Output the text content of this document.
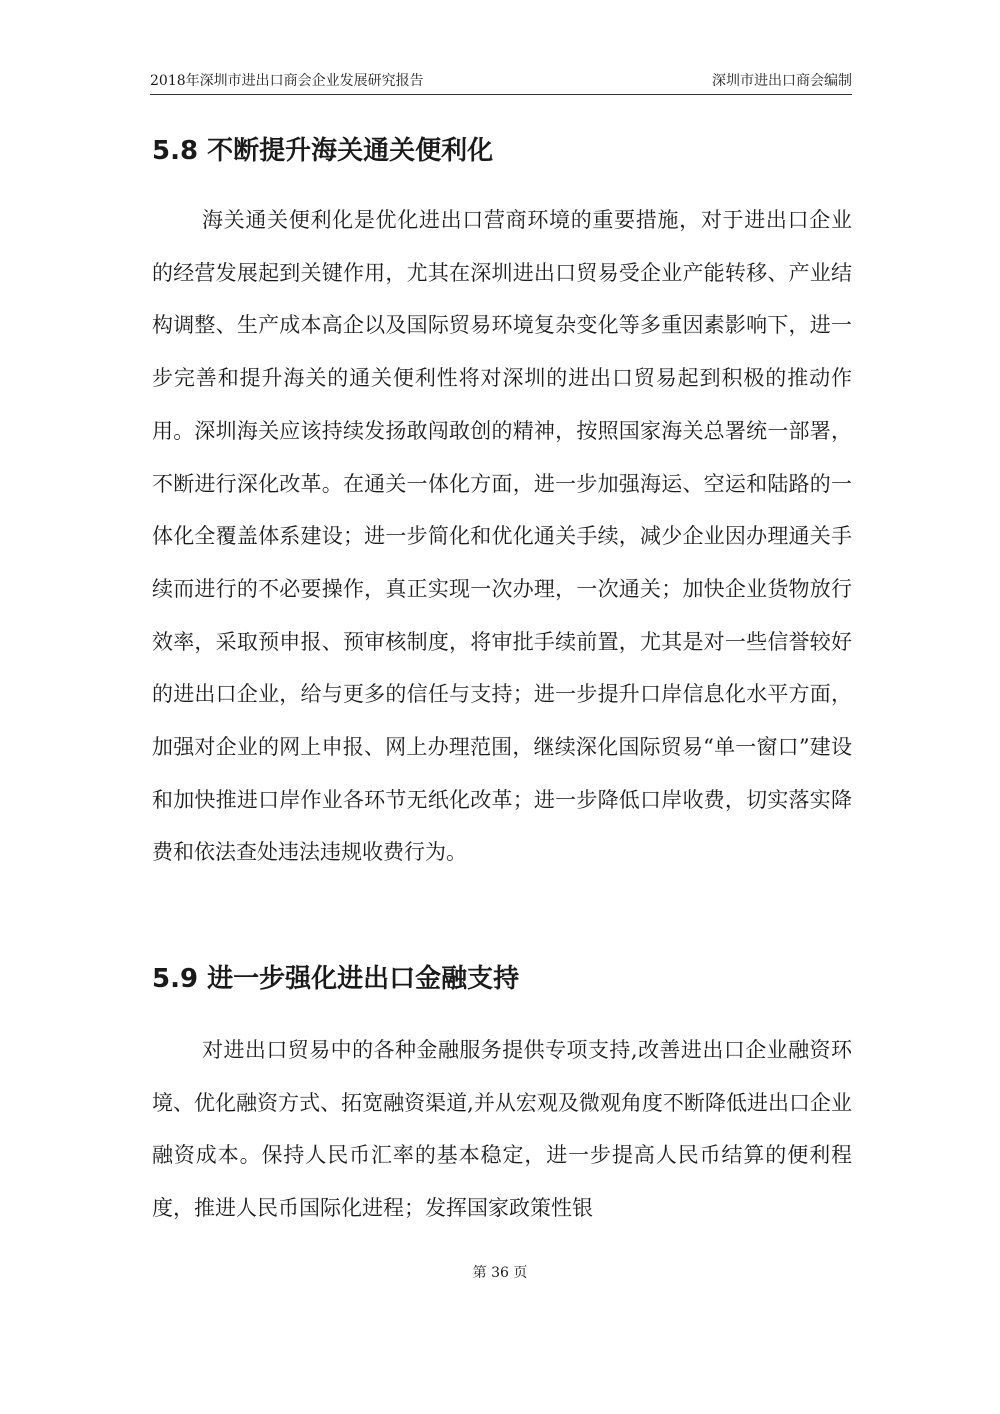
2018年深圳市进出口商会企业发展研究报告	深圳市进出口商会编制
5.8 不断提升海关通关便利化

海关通关便利化是优化进出口营商环境的重要措施，对于进出口企业的经营发展起到关键作用，尤其在深圳进出口贸易受企业产能转移、产业结构调整、生产成本高企以及国际贸易环境复杂变化等多重因素影响下，进一步完善和提升海关的通关便利性将对深圳的进出口贸易起到积极的推动作用。深圳海关应该持续发扬敢闯敢创的精神，按照国家海关总署统一部署，不断进行深化改革。在通关一体化方面，进一步加强海运、空运和陆路的一体化全覆盖体系建设；进一步简化和优化通关手续，减少企业因办理通关手续而进行的不必要操作，真正实现一次办理，一次通关；加快企业货物放行效率，采取预申报、预审核制度，将审批手续前置，尤其是对一些信誉较好的进出口企业，给与更多的信任与支持；进一步提升口岸信息化水平方面，加强对企业的网上申报、网上办理范围，继续深化国际贸易“单一窗口”建设和加快推进口岸作业各环节无纸化改革；进一步降低口岸收费，切实落实降费和依法查处违法违规收费行为。

5.9 进一步强化进出口金融支持

对进出口贸易中的各种金融服务提供专项支持,改善进出口企业融资环境、优化融资方式、拓宽融资渠道,并从宏观及微观角度不断降低进出口企业融资成本。保持人民币汇率的基本稳定，进一步提高人民币结算的便利程度，推进人民币国际化进程；发挥国家政策性银

第 36 页
